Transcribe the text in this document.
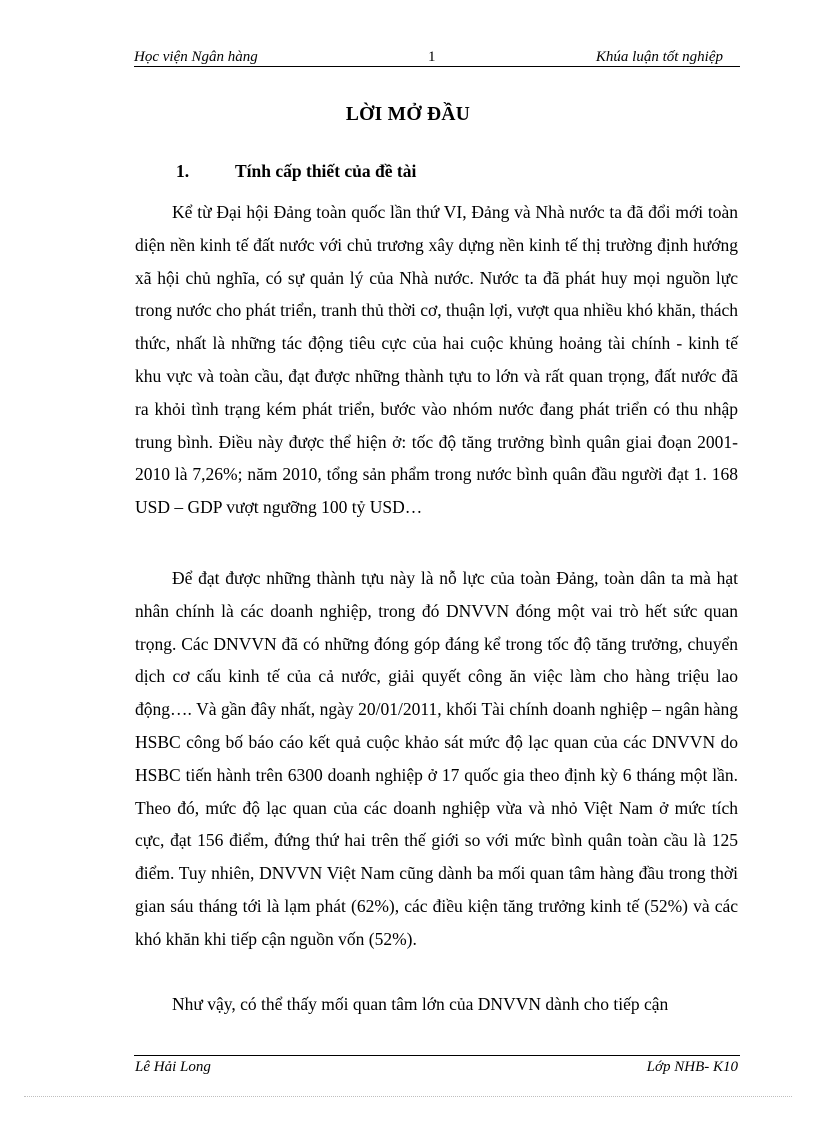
Học viện Ngân hàng	1	Khúa luận tốt nghiệp
LỜI MỞ ĐẦU
1.	Tính cấp thiết của đề tài
Kể từ Đại hội Đảng toàn quốc lần thứ VI, Đảng và Nhà nước ta đã đổi mới toàn diện nền kinh tế đất nước với chủ trương xây dựng nền kinh tế thị trường định hướng xã hội chủ nghĩa, có sự quản lý của Nhà nước. Nước ta đã phát huy mọi nguồn lực trong nước cho phát triển, tranh thủ thời cơ, thuận lợi, vượt qua nhiều khó khăn, thách thức, nhất là những tác động tiêu cực của hai cuộc khủng hoảng tài chính - kinh tế khu vực và toàn cầu, đạt được những thành tựu to lớn và rất quan trọng, đất nước đã ra khỏi tình trạng kém phát triển, bước vào nhóm nước đang phát triển có thu nhập trung bình. Điều này được thể hiện ở: tốc độ tăng trưởng bình quân giai đoạn 2001- 2010 là 7,26%; năm 2010, tổng sản phẩm trong nước bình quân đầu người đạt 1. 168 USD – GDP vượt ngưỡng 100 tỷ USD…
Để đạt được những thành tựu này là nỗ lực của toàn Đảng, toàn dân ta mà hạt nhân chính là các doanh nghiệp, trong đó DNVVN đóng một vai trò hết sức quan trọng. Các DNVVN đã có những đóng góp đáng kể trong tốc độ tăng trưởng, chuyển dịch cơ cấu kinh tế của cả nước, giải quyết công ăn việc làm cho hàng triệu lao động…. Và gần đây nhất, ngày 20/01/2011, khối Tài chính doanh nghiệp – ngân hàng HSBC công bố báo cáo kết quả cuộc khảo sát mức độ lạc quan của các DNVVN do HSBC tiến hành trên 6300 doanh nghiệp ở 17 quốc gia theo định kỳ 6 tháng một lần. Theo đó, mức độ lạc quan của các doanh nghiệp vừa và nhỏ Việt Nam ở mức tích cực, đạt 156 điểm, đứng thứ hai trên thế giới so với mức bình quân toàn cầu là 125 điểm. Tuy nhiên, DNVVN Việt Nam cũng dành ba mối quan tâm hàng đầu trong thời gian sáu tháng tới là lạm phát (62%), các điều kiện tăng trưởng kinh tế (52%) và các khó khăn khi tiếp cận nguồn vốn (52%).
Như vậy, có thể thấy mối quan tâm lớn của DNVVN dành cho tiếp cận
Lê Hải Long	Lớp NHB- K10
